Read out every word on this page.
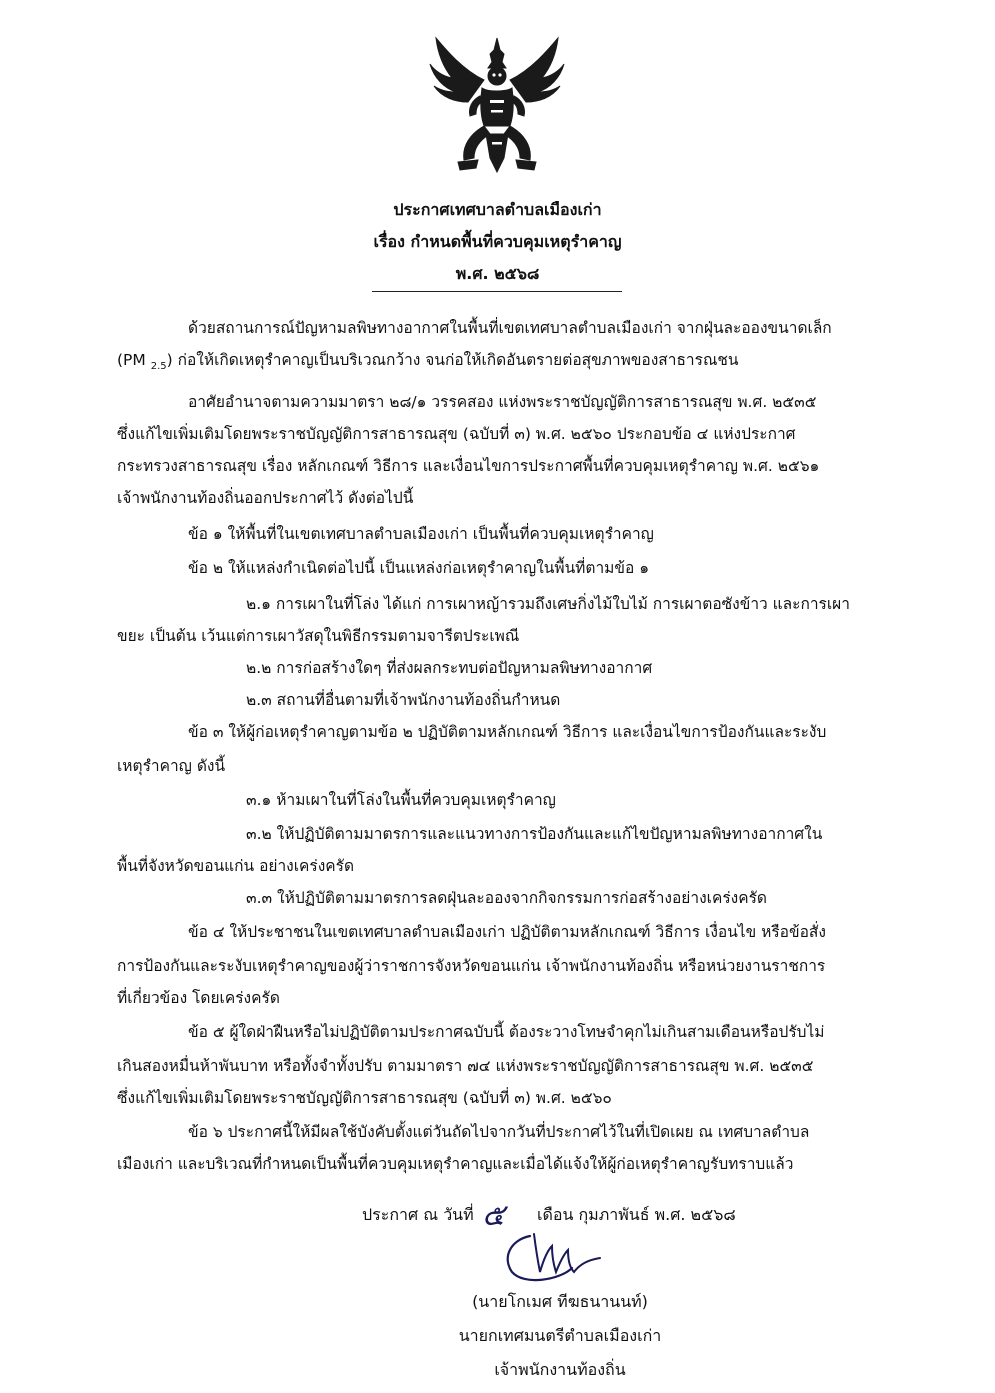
ประกาศเทศบาลตำบลเมืองเก่า
เรื่อง กำหนดพื้นที่ควบคุมเหตุรำคาญ
พ.ศ. ๒๕๖๘
ด้วยสถานการณ์ปัญหามลพิษทางอากาศในพื้นที่เขตเทศบาลตำบลเมืองเก่า จากฝุ่นละอองขนาดเล็ก
(PM $_{2.5}$) ก่อให้เกิดเหตุรำคาญเป็นบริเวณกว้าง จนก่อให้เกิดอันตรายต่อสุขภาพของสาธารณชน
อาศัยอำนาจตามความมาตรา ๒๘/๑ วรรคสอง แห่งพระราชบัญญัติการสาธารณสุข พ.ศ. ๒๕๓๕
ซึ่งแก้ไขเพิ่มเติมโดยพระราชบัญญัติการสาธารณสุข (ฉบับที่ ๓) พ.ศ. ๒๕๖๐ ประกอบข้อ ๔ แห่งประกาศ
กระทรวงสาธารณสุข เรื่อง หลักเกณฑ์ วิธีการ และเงื่อนไขการประกาศพื้นที่ควบคุมเหตุรำคาญ พ.ศ. ๒๕๖๑
เจ้าพนักงานท้องถิ่นออกประกาศไว้ ดังต่อไปนี้
ข้อ ๑ ให้พื้นที่ในเขตเทศบาลตำบลเมืองเก่า เป็นพื้นที่ควบคุมเหตุรำคาญ
ข้อ ๒ ให้แหล่งกำเนิดต่อไปนี้ เป็นแหล่งก่อเหตุรำคาญในพื้นที่ตามข้อ ๑
๒.๑ การเผาในที่โล่ง ได้แก่ การเผาหญ้ารวมถึงเศษกิ่งไม้ใบไม้ การเผาตอซังข้าว และการเผา
ขยะ เป็นต้น เว้นแต่การเผาวัสดุในพิธีกรรมตามจารีตประเพณี
๒.๒ การก่อสร้างใดๆ ที่ส่งผลกระทบต่อปัญหามลพิษทางอากาศ
๒.๓ สถานที่อื่นตามที่เจ้าพนักงานท้องถิ่นกำหนด
ข้อ ๓ ให้ผู้ก่อเหตุรำคาญตามข้อ ๒ ปฏิบัติตามหลักเกณฑ์ วิธีการ และเงื่อนไขการป้องกันและระงับ
เหตุรำคาญ ดังนี้
๓.๑ ห้ามเผาในที่โล่งในพื้นที่ควบคุมเหตุรำคาญ
๓.๒ ให้ปฏิบัติตามมาตรการและแนวทางการป้องกันและแก้ไขปัญหามลพิษทางอากาศใน
พื้นที่จังหวัดขอนแก่น อย่างเคร่งครัด
๓.๓ ให้ปฏิบัติตามมาตรการลดฝุ่นละอองจากกิจกรรมการก่อสร้างอย่างเคร่งครัด
ข้อ ๔ ให้ประชาชนในเขตเทศบาลตำบลเมืองเก่า ปฏิบัติตามหลักเกณฑ์ วิธีการ เงื่อนไข หรือข้อสั่ง
การป้องกันและระงับเหตุรำคาญของผู้ว่าราชการจังหวัดขอนแก่น เจ้าพนักงานท้องถิ่น หรือหน่วยงานราชการ
ที่เกี่ยวข้อง โดยเคร่งครัด
ข้อ ๕ ผู้ใดฝ่าฝืนหรือไม่ปฏิบัติตามประกาศฉบับนี้ ต้องระวางโทษจำคุกไม่เกินสามเดือนหรือปรับไม่
เกินสองหมื่นห้าพันบาท หรือทั้งจำทั้งปรับ ตามมาตรา ๗๔ แห่งพระราชบัญญัติการสาธารณสุข พ.ศ. ๒๕๓๕
ซึ่งแก้ไขเพิ่มเติมโดยพระราชบัญญัติการสาธารณสุข (ฉบับที่ ๓) พ.ศ. ๒๕๖๐
ข้อ ๖ ประกาศนี้ให้มีผลใช้บังคับตั้งแต่วันถัดไปจากวันที่ประกาศไว้ในที่เปิดเผย ณ เทศบาลตำบล
เมืองเก่า และบริเวณที่กำหนดเป็นพื้นที่ควบคุมเหตุรำคาญและเมื่อได้แจ้งให้ผู้ก่อเหตุรำคาญรับทราบแล้ว
ประกาศ ณ วันที่ ๕ เดือน กุมภาพันธ์ พ.ศ. ๒๕๖๘
(นายโกเมศ ทีฆธนานนท์)
นายกเทศมนตรีตำบลเมืองเก่า
เจ้าพนักงานท้องถิ่น
